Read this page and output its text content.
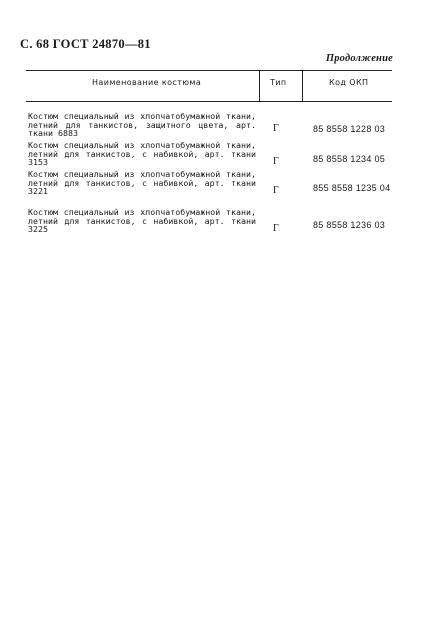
С. 68 ГОСТ 24870—81
Продолжение
Наименование костюма	Тип	Код ОКП
Костюм специальный из хлопчатобумажной ткани, летний для танкистов, защитного цвета, арт. ткани 6883	Г	85 8558 1228 03
Костюм специальный из хлопчатобумажной ткани, летний для танкистов, с набивкой, арт. ткани 3153	Г	85 8558 1234 05
Костюм специальный из хлопчатобумажной ткани, летний для танкистов, с набивкой, арт. ткани 3221	Г	855 8558 1235 04
Костюм специальный из хлопчатобумажной ткани, летний для танкистов, с набивкой, арт. ткани 3225	Г	85 8558 1236 03
